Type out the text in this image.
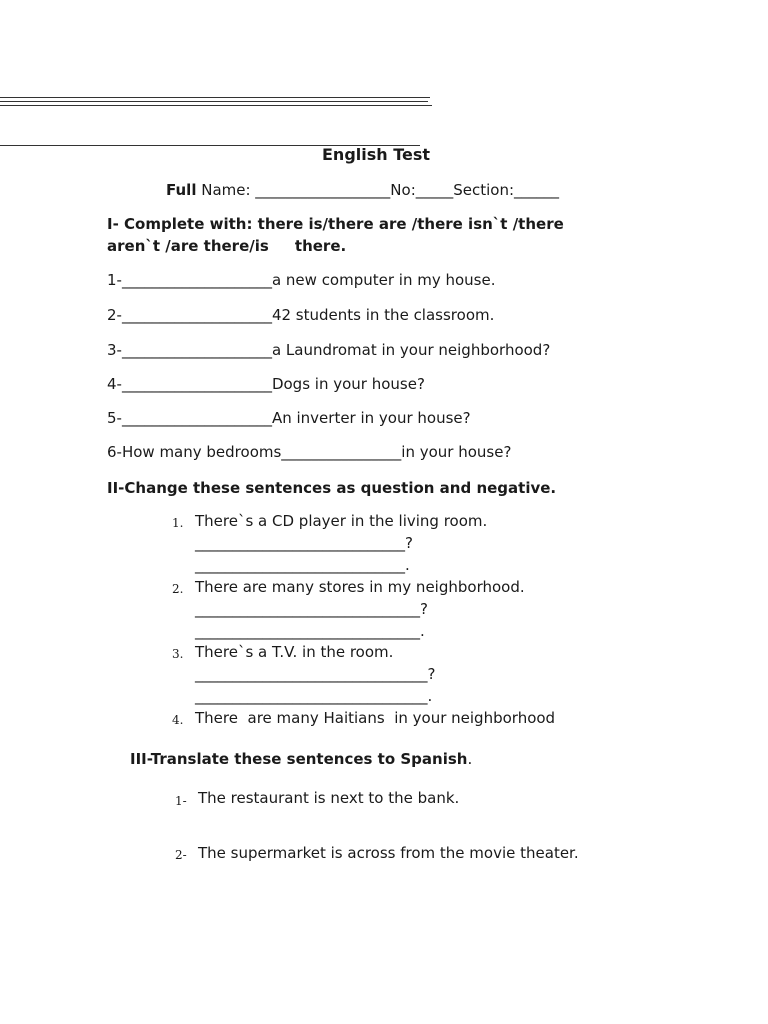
English Test
Full Name: __________________No:_____Section:______
I- Complete with: there is/there are /there isn`t /there
aren`t /are there/is     there.
1-____________________a new computer in my house.
2-____________________42 students in the classroom.
3-____________________a Laundromat in your neighborhood?
4-____________________Dogs in your house?
5-____________________An inverter in your house?
6-How many bedrooms________________in your house?
II-Change these sentences as question and negative.
1. There`s a CD player in the living room.
____________________________?
____________________________.
2. There are many stores in my neighborhood.
______________________________?
______________________________.
3. There`s a T.V. in the room.
_______________________________?
_______________________________.
4. There  are many Haitians  in your neighborhood
III-Translate these sentences to Spanish.
1- The restaurant is next to the bank.
2- The supermarket is across from the movie theater.
